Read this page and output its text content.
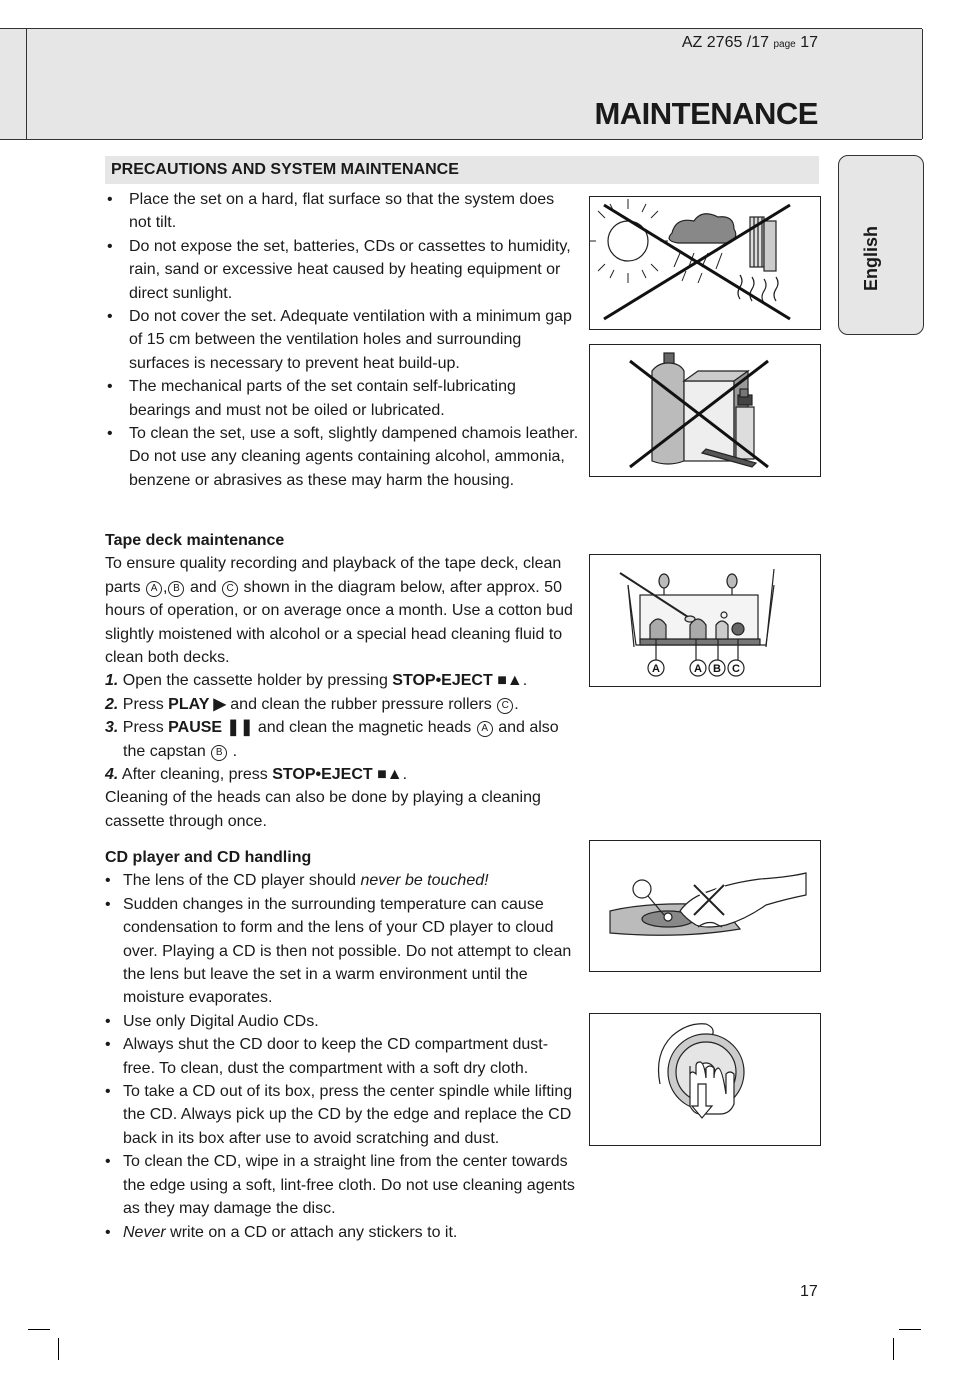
AZ 2765 /17 page 17
MAINTENANCE
English
PRECAUTIONS AND SYSTEM MAINTENANCE
• Place the set on a hard, flat surface so that the system does not tilt.
• Do not expose the set, batteries, CDs or cassettes to humidity, rain, sand or excessive heat caused by heating equipment or direct sunlight.
• Do not cover the set. Adequate ventilation with a minimum gap of 15 cm between the ventilation holes and surrounding surfaces is necessary to prevent heat build-up.
• The mechanical parts of the set contain self-lubricating bearings and must not be oiled or lubricated.
• To clean the set, use a soft, slightly dampened chamois leather. Do not use any cleaning agents containing alcohol, ammonia, benzene or abrasives as these may harm the housing.
Tape deck maintenance
To ensure quality recording and playback of the tape deck, clean parts A , B and C shown in the diagram below, after approx. 50 hours of operation, or on average once a month. Use a cotton bud slightly moistened with alcohol or a special head cleaning fluid to clean both decks.
1. Open the cassette holder by pressing STOP•EJECT ■▲.
2. Press PLAY ▶ and clean the rubber pressure rollers C .
3. Press PAUSE ❚❚ and clean the magnetic heads A and also the capstan B .
4. After cleaning, press STOP•EJECT ■▲.
Cleaning of the heads can also be done by playing a cleaning cassette through once.
CD player and CD handling
• The lens of the CD player should never be touched!
• Sudden changes in the surrounding temperature can cause condensation to form and the lens of your CD player to cloud over. Playing a CD is then not possible. Do not attempt to clean the lens but leave the set in a warm environment until the moisture evaporates.
• Use only Digital Audio CDs.
• Always shut the CD door to keep the CD compartment dust-free. To clean, dust the compartment with a soft dry cloth.
• To take a CD out of its box, press the center spindle while lifting the CD. Always pick up the CD by the edge and replace the CD back in its box after use to avoid scratching and dust.
• To clean the CD, wipe in a straight line from the center towards the edge using a soft, lint-free cloth. Do not use cleaning agents as they may damage the disc.
• Never write on a CD or attach any stickers to it.
A	A B C
17
